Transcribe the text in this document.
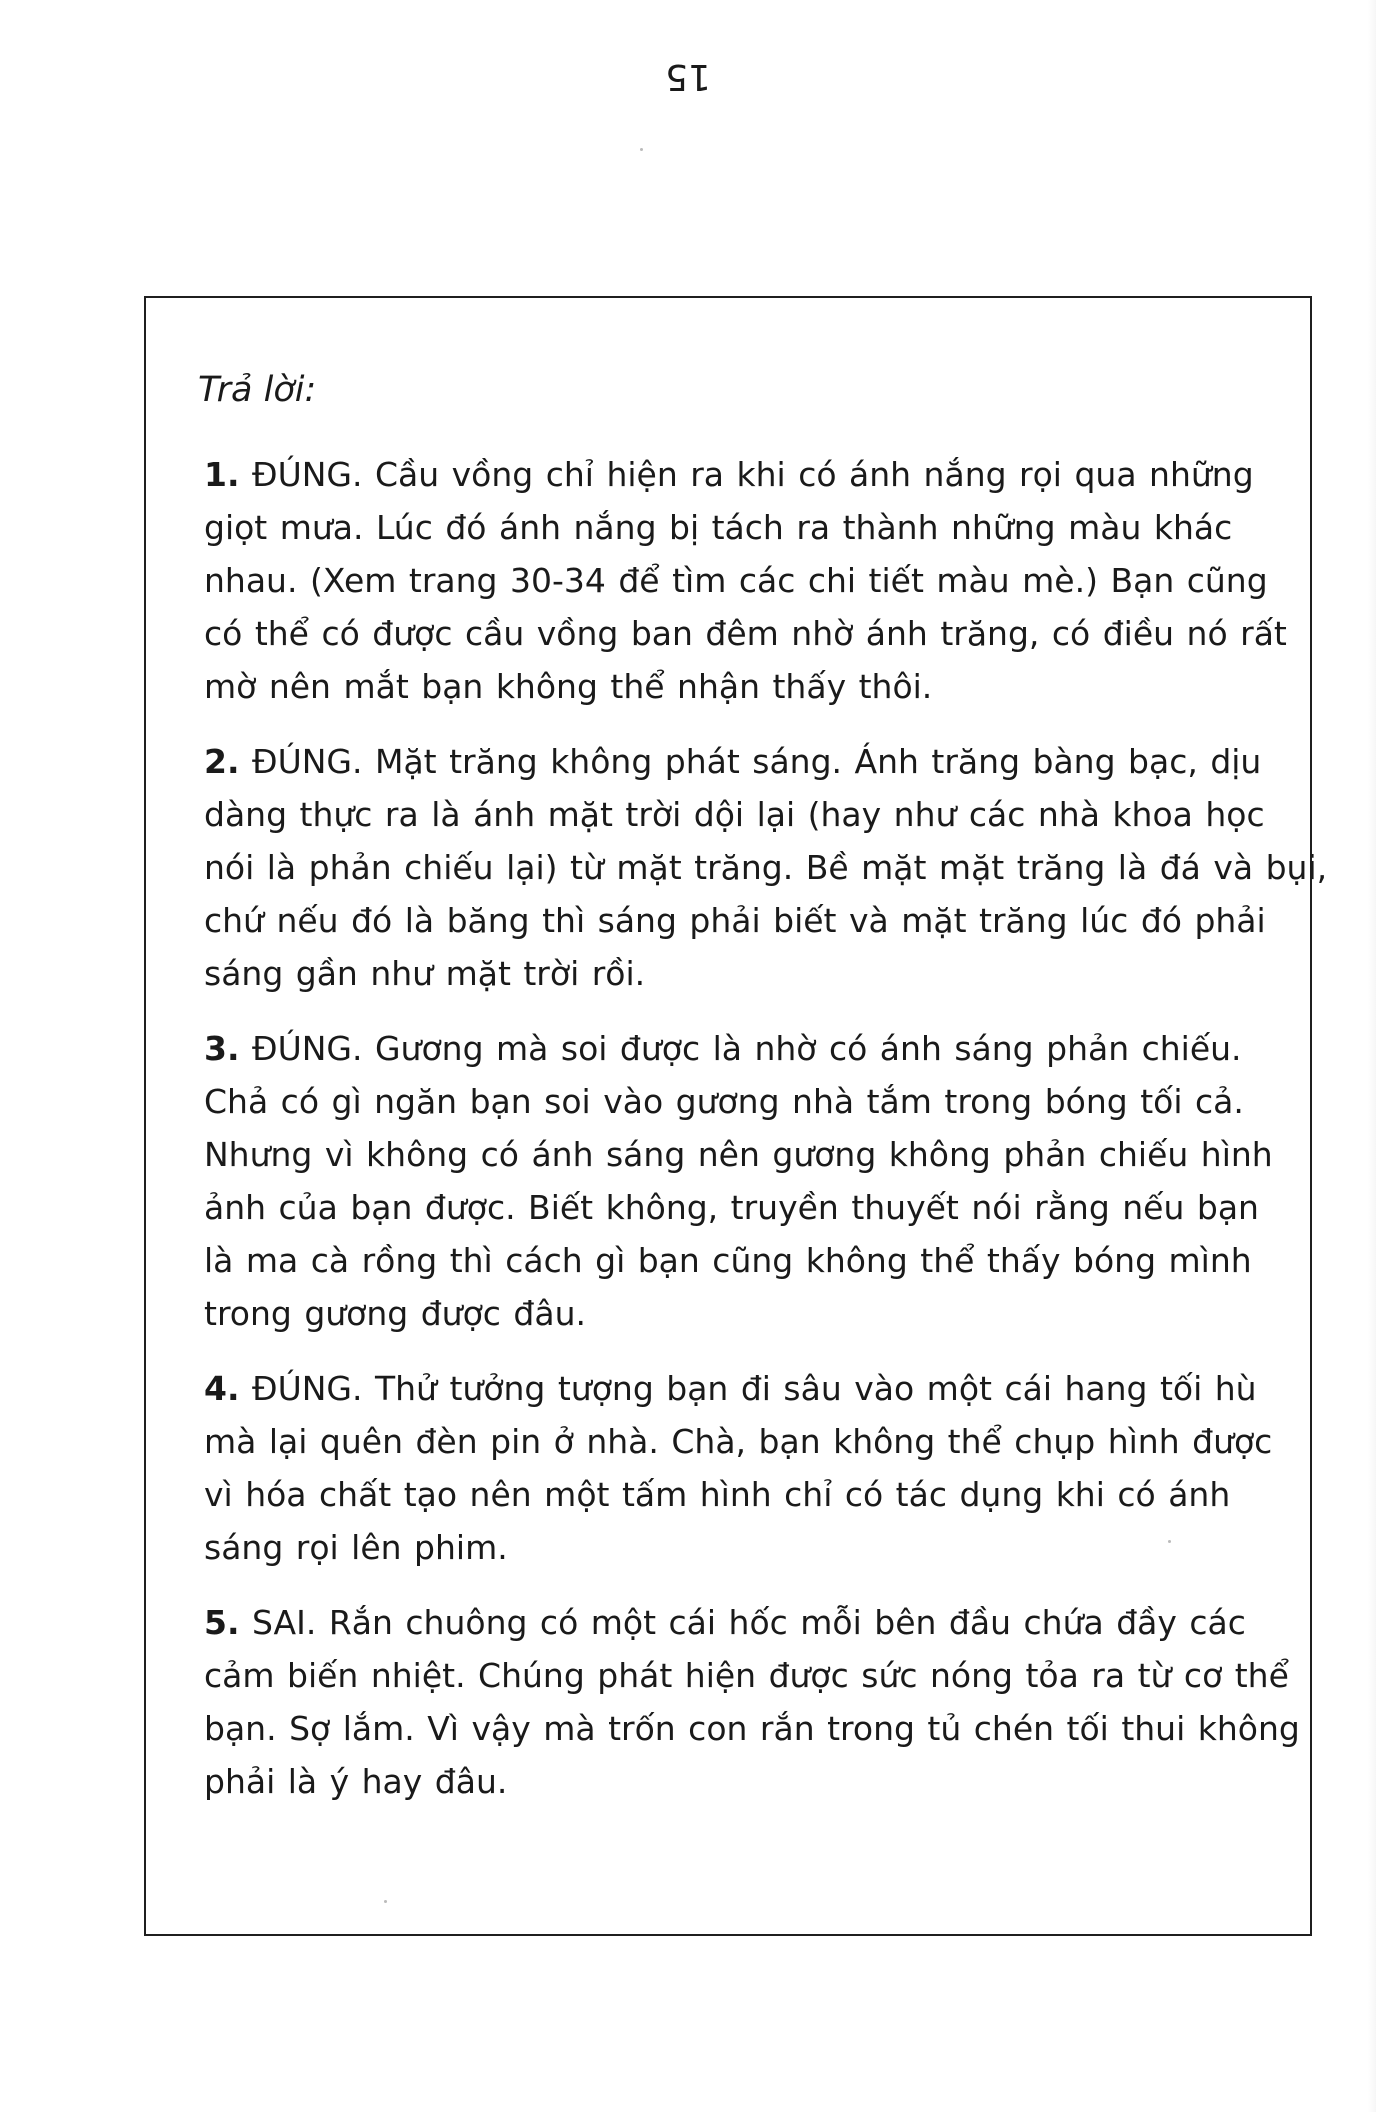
15
Trả lời:
1. ĐÚNG. Cầu vồng chỉ hiện ra khi có ánh nắng rọi qua những
giọt mưa. Lúc đó ánh nắng bị tách ra thành những màu khác
nhau. (Xem trang 30-34 để tìm các chi tiết màu mè.) Bạn cũng
có thể có được cầu vồng ban đêm nhờ ánh trăng, có điều nó rất
mờ nên mắt bạn không thể nhận thấy thôi.
2. ĐÚNG. Mặt trăng không phát sáng. Ánh trăng bàng bạc, dịu
dàng thực ra là ánh mặt trời dội lại (hay như các nhà khoa học
nói là phản chiếu lại) từ mặt trăng. Bề mặt mặt trăng là đá và bụi,
chứ nếu đó là băng thì sáng phải biết và mặt trăng lúc đó phải
sáng gần như mặt trời rồi.
3. ĐÚNG. Gương mà soi được là nhờ có ánh sáng phản chiếu.
Chả có gì ngăn bạn soi vào gương nhà tắm trong bóng tối cả.
Nhưng vì không có ánh sáng nên gương không phản chiếu hình
ảnh của bạn được. Biết không, truyền thuyết nói rằng nếu bạn
là ma cà rồng thì cách gì bạn cũng không thể thấy bóng mình
trong gương được đâu.
4. ĐÚNG. Thử tưởng tượng bạn đi sâu vào một cái hang tối hù
mà lại quên đèn pin ở nhà. Chà, bạn không thể chụp hình được
vì hóa chất tạo nên một tấm hình chỉ có tác dụng khi có ánh
sáng rọi lên phim.
5. SAI. Rắn chuông có một cái hốc mỗi bên đầu chứa đầy các
cảm biến nhiệt. Chúng phát hiện được sức nóng tỏa ra từ cơ thể
bạn. Sợ lắm. Vì vậy mà trốn con rắn trong tủ chén tối thui không
phải là ý hay đâu.
